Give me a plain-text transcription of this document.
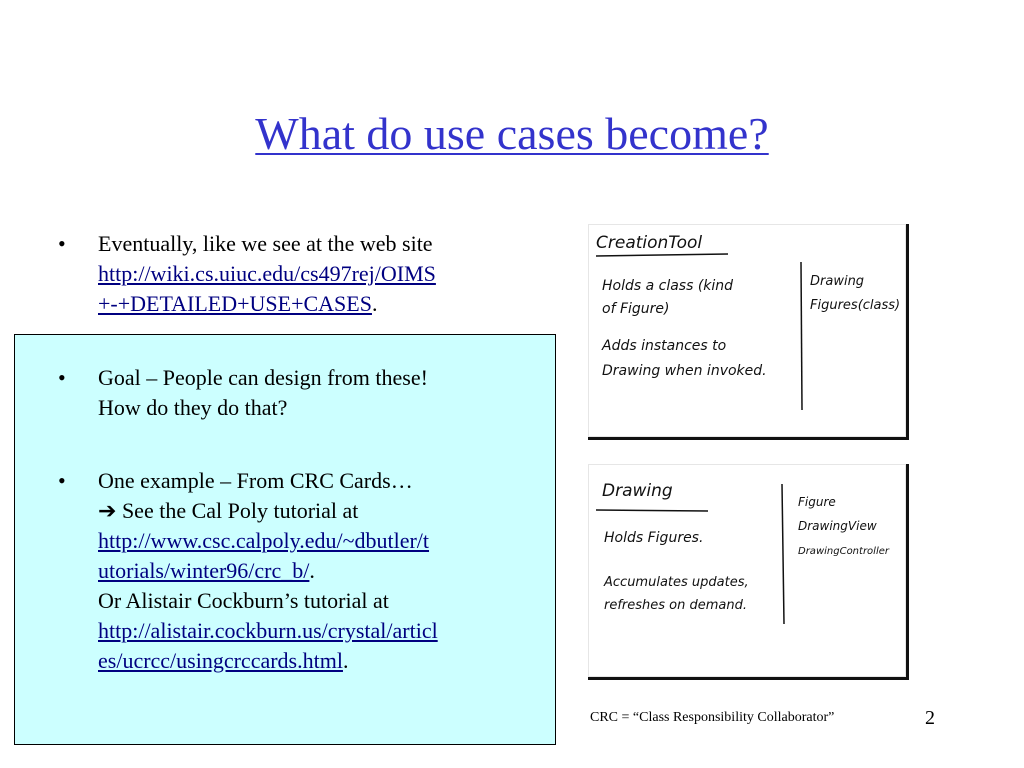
What do use cases become?
• Eventually, like we see at the web site
http://wiki.cs.uiuc.edu/cs497rej/OIMS
+-+DETAILED+USE+CASES.
• Goal – People can design from these!
How do they do that?
• One example – From CRC Cards…
➔ See the Cal Poly tutorial at
http://www.csc.calpoly.edu/~dbutler/t
utorials/winter96/crc_b/.
Or Alistair Cockburn’s tutorial at
http://alistair.cockburn.us/crystal/articl
es/ucrcc/usingcrccards.html.
CreationTool
Holds a class (kind
of Figure)
Adds instances to
Drawing when invoked.
Drawing
Figures(class)
Drawing
Holds Figures.
Accumulates updates,
refreshes on demand.
Figure
DrawingView
DrawingController
CRC = “Class Responsibility Collaborator”	2
